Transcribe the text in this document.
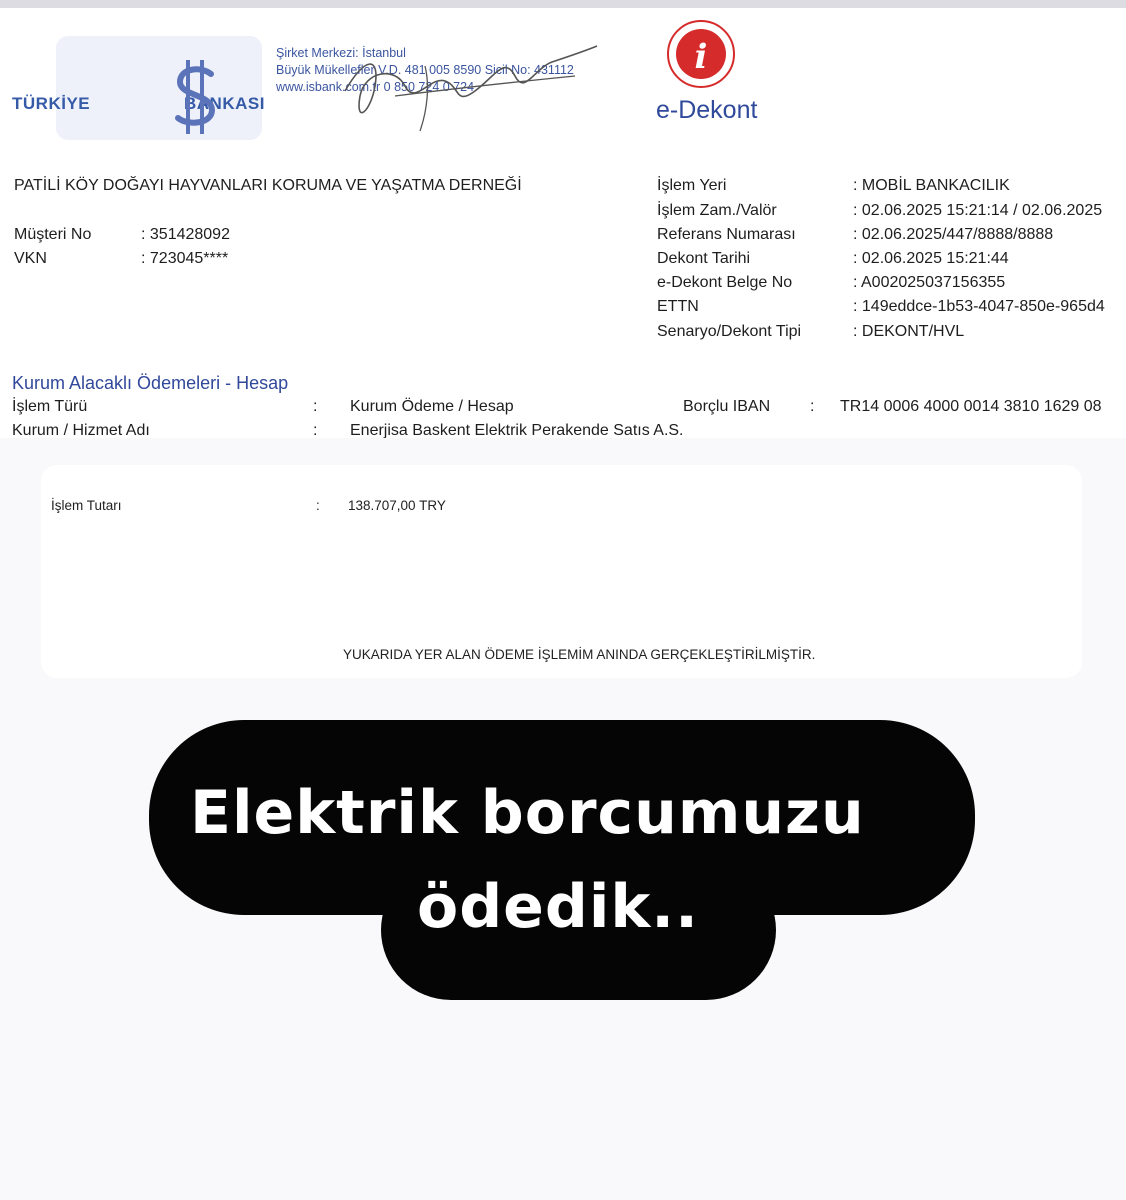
TÜRKİYE	BANKASI
Şirket Merkezi: İstanbul
Büyük Mükellefler V.D. 481 005 8590 Sicil No: 431112
www.isbank.com.tr 0 850 724 0 724
i
e-Dekont
PATİLİ KÖY DOĞAYI HAYVANLARI KORUMA VE YAŞATMA DERNEĞİ
Müşteri No	: 351428092
VKN	: 723045****
İşlem Yeri	: MOBİL BANKACILIK
İşlem Zam./Valör	: 02.06.2025 15:21:14 / 02.06.2025
Referans Numarası	: 02.06.2025/447/8888/8888
Dekont Tarihi	: 02.06.2025 15:21:44
e-Dekont Belge No	: A002025037156355
ETTN	: 149eddce-1b53-4047-850e-965d4
Senaryo/Dekont Tipi	: DEKONT/HVL
Kurum Alacaklı Ödemeleri - Hesap
İşlem Türü	: Kurum Ödeme / Hesap	Borçlu IBAN : TR14 0006 4000 0014 3810 1629 08
Kurum / Hizmet Adı	: Enerjisa Baskent Elektrik Perakende Satıs A.S.
İşlem Tutarı	: 138.707,00 TRY
YUKARIDA YER ALAN ÖDEME İŞLEMİM ANINDA GERÇEKLEŞTİRİLMİŞTİR.
Elektrik borcumuzu
ödedik..
